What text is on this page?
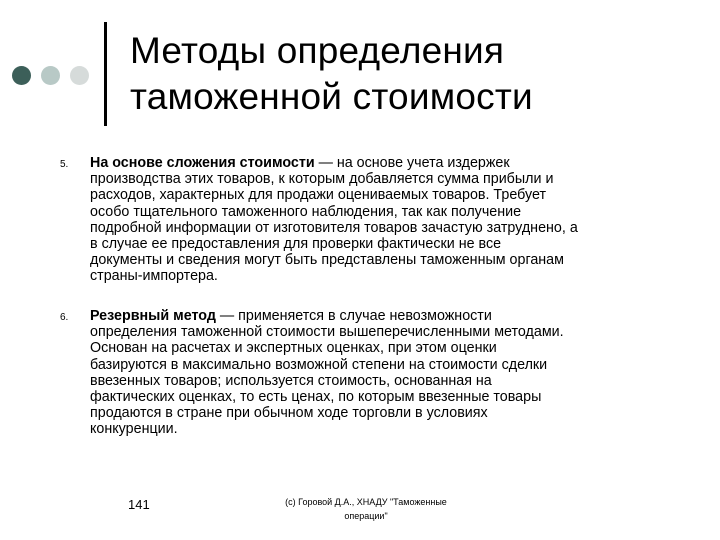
Методы определения
таможенной стоимости
5. На основе сложения стоимости — на основе учета издержек
производства этих товаров, к которым добавляется сумма прибыли и
расходов, характерных для продажи оцениваемых товаров. Требует
особо тщательного таможенного наблюдения, так как получение
подробной информации от изготовителя товаров зачастую затруднено, а
в случае ее предоставления для проверки фактически не все
документы и сведения могут быть представлены таможенным органам
страны-импортера.
6. Резервный метод — применяется в случае невозможности
определения таможенной стоимости вышеперечисленными методами.
Основан на расчетах и экспертных оценках, при этом оценки
базируются в максимально возможной степени на стоимости сделки
ввезенных товаров; используется стоимость, основанная на
фактических оценках, то есть ценах, по которым ввезенные товары
продаются в стране при обычном ходе торговли в условиях
конкуренции.
141	(c) Горовой Д.А., ХНАДУ "Таможенные
операции"
